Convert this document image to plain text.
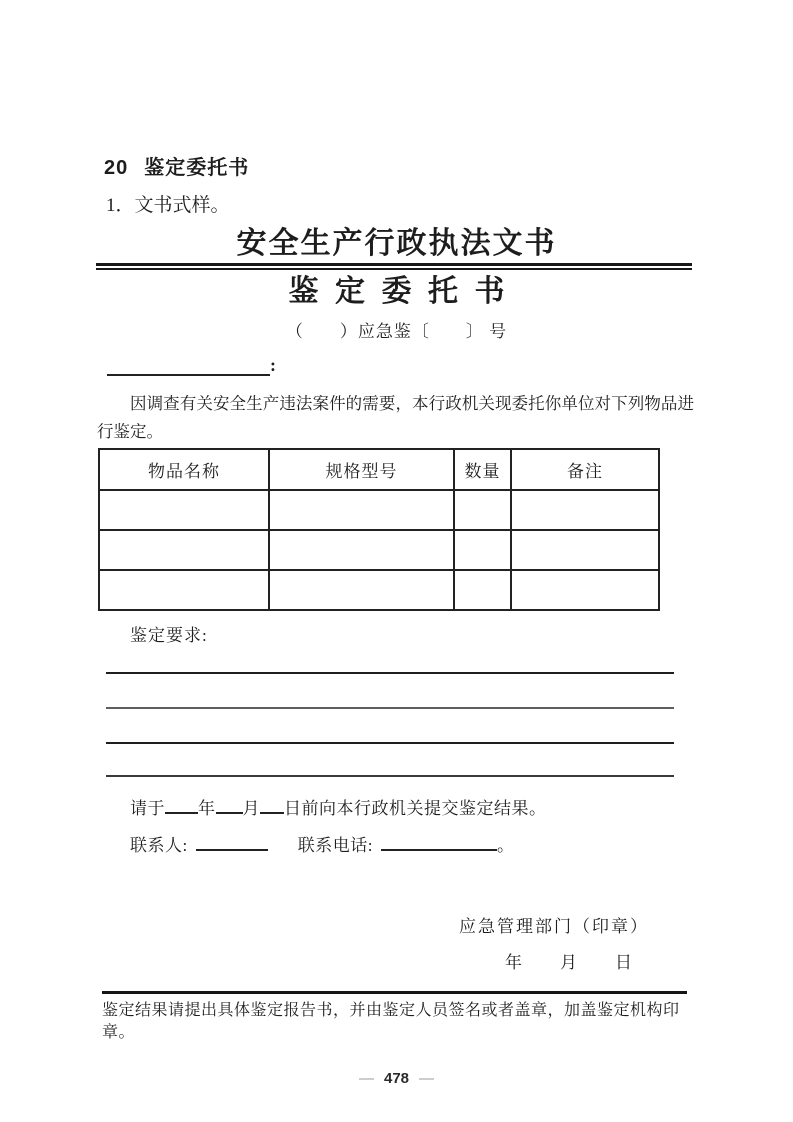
20 鉴定委托书
1．文书式样。
安全生产行政执法文书
鉴定委托书
（　　）应急鉴〔　　〕 号
:
因调查有关安全生产违法案件的需要，本行政机关现委托你单位对下列物品进行鉴定。
物品名称	规格型号	数量	备注

鉴定要求:
请于 年 月 日前向本行政机关提交鉴定结果。
联系人:	联系电话:	。
应急管理部门（印章）
年 月 日
鉴定结果请提出具体鉴定报告书，并由鉴定人员签名或者盖章，加盖鉴定机构印章。
— 478 —
